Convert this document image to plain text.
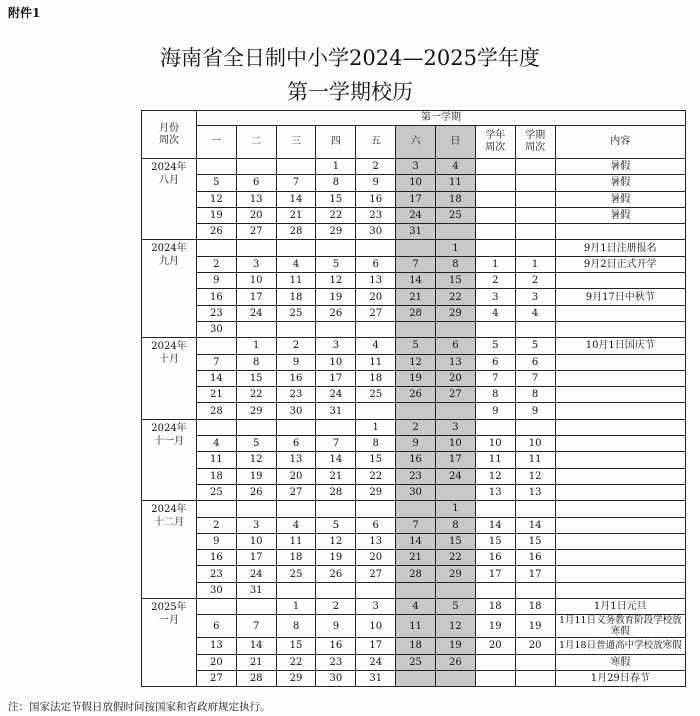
附件1
海南省全日制中小学2024—2025学年度
第一学期校历
月份
周次	第一学期									
	一	二	三	四	五	六	日	学年周次	学期周次	内容

2024年
八月				1	2	3	4			暑假
	5	6	7	8	9	10	11			暑假
	12	13	14	15	16	17	18			暑假
	19	20	21	22	23	24	25			暑假
	26	27	28	29	30	31				

2024年
九月							1			9月1日注册报名
	2	3	4	5	6	7	8	1	1	9月2日正式开学
	9	10	11	12	13	14	15	2	2	
	16	17	18	19	20	21	22	3	3	9月17日中秋节
	23	24	25	26	27	28	29	4	4	
	30									

2024年
十月		1	2	3	4	5	6	5	5	10月1日国庆节
	7	8	9	10	11	12	13	6	6	
	14	15	16	17	18	19	20	7	7	
	21	22	23	24	25	26	27	8	8	
	28	29	30	31				9	9	

2024年
十一月					1	2	3			
	4	5	6	7	8	9	10	10	10	
	11	12	13	14	15	16	17	11	11	
	18	19	20	21	22	23	24	12	12	
	25	26	27	28	29	30		13	13	

2024年
十二月							1			
	2	3	4	5	6	7	8	14	14	
	9	10	11	12	13	14	15	15	15	
	16	17	18	19	20	21	22	16	16	
	23	24	25	26	27	28	29	17	17	
	30	31								

2025年
一月			1	2	3	4	5	18	18	1月1日元旦
	6	7	8	9	10	11	12	19	19	1月11日义务教育阶段学校放寒假
	13	14	15	16	17	18	19	20	20	1月18日普通高中学校放寒假
	20	21	22	23	24	25	26			寒假
	27	28	29	30	31					1月29日春节
注：国家法定节假日放假时间按国家和省政府规定执行。
